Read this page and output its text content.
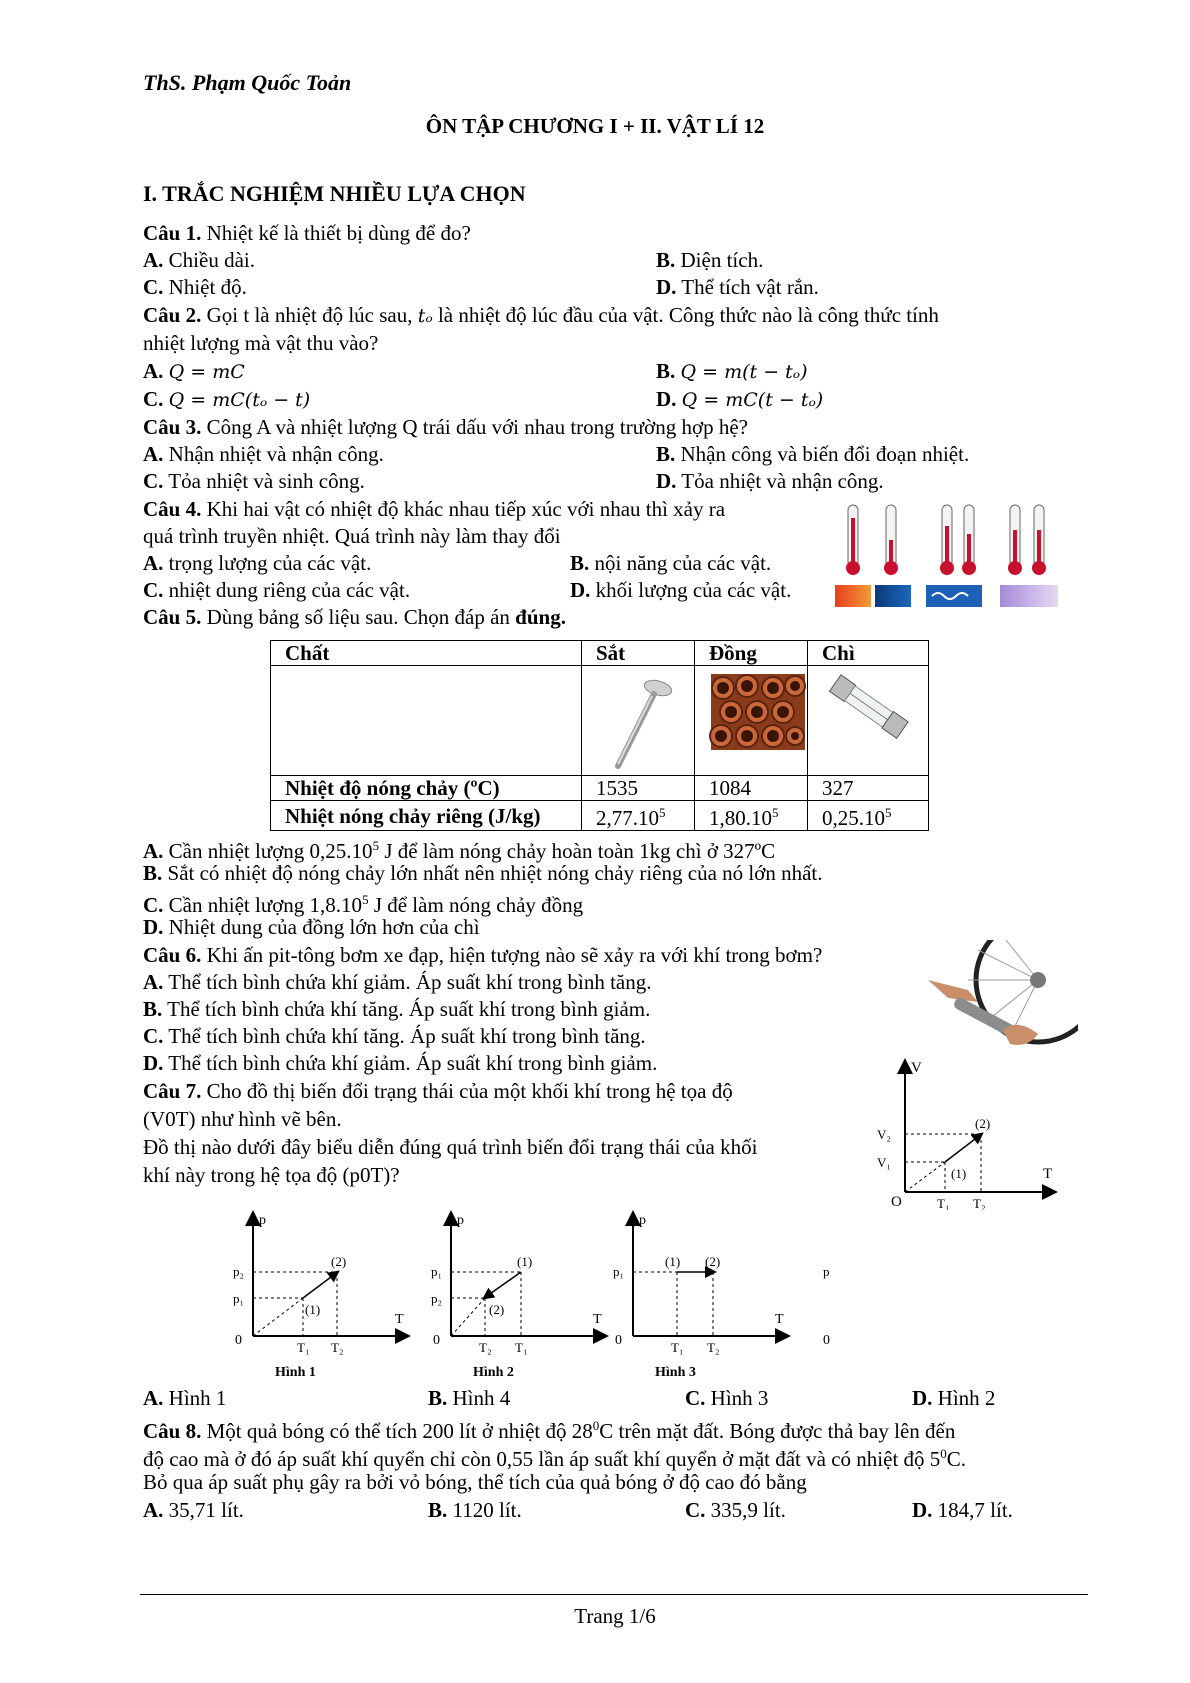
ThS. Phạm Quốc Toản
ÔN TẬP CHƯƠNG I + II. VẬT LÍ 12
I. TRẮC NGHIỆM NHIỀU LỰA CHỌN
Câu 1. Nhiệt kế là thiết bị dùng để đo?
A. Chiều dài.	B. Diện tích.
C. Nhiệt độ.	D. Thể tích vật rắn.
Câu 2. Gọi t là nhiệt độ lúc sau, tₒ là nhiệt độ lúc đầu của vật. Công thức nào là công thức tính
nhiệt lượng mà vật thu vào?
A. Q = mC	B. Q = m(t − tₒ)
C. Q = mC(tₒ − t)	D. Q = mC(t − tₒ)
Câu 3. Công A và nhiệt lượng Q trái dấu với nhau trong trường hợp hệ?
A. Nhận nhiệt và nhận công.	B. Nhận công và biến đổi đoạn nhiệt.
C. Tỏa nhiệt và sinh công.	D. Tỏa nhiệt và nhận công.
Câu 4. Khi hai vật có nhiệt độ khác nhau tiếp xúc với nhau thì xảy ra
quá trình truyền nhiệt. Quá trình này làm thay đổi
A. trọng lượng của các vật.	B. nội năng của các vật.
C. nhiệt dung riêng của các vật.	D. khối lượng của các vật.
Câu 5. Dùng bảng số liệu sau. Chọn đáp án đúng.
Chất	Sắt	Đồng	Chì

Nhiệt độ nóng chảy (ºC)	1535	1084	327
Nhiệt nóng chảy riêng (J/kg)	2,77.10$^5$	1,80.10$^5$	0,25.10$^5$
A. Cần nhiệt lượng 0,25.10$^5$ J để làm nóng chảy hoàn toàn 1kg chì ở 327ºC
B. Sắt có nhiệt độ nóng chảy lớn nhất nên nhiệt nóng chảy riêng của nó lớn nhất.
C. Cần nhiệt lượng 1,8.10$^5$ J để làm nóng chảy đồng
D. Nhiệt dung của đồng lớn hơn của chì
Câu 6. Khi ấn pit-tông bơm xe đạp, hiện tượng nào sẽ xảy ra với khí trong bơm?
A. Thể tích bình chứa khí giảm. Áp suất khí trong bình tăng.
B. Thể tích bình chứa khí tăng. Áp suất khí trong bình giảm.
C. Thể tích bình chứa khí tăng. Áp suất khí trong bình tăng.
D. Thể tích bình chứa khí giảm. Áp suất khí trong bình giảm.
Câu 7. Cho đồ thị biến đổi trạng thái của một khối khí trong hệ tọa độ
(V0T) như hình vẽ bên.
Đồ thị nào dưới đây biểu diễn đúng quá trình biến đổi trạng thái của khối
khí này trong hệ tọa độ (p0T)?
V
T
O
V₂
V₁
(2)
(1)
T₁ T₂
p
T
0
p₂
p₁
(2)
(1)
T₁ T₂
Hình 1
p
T
0
p₁
p₂
(1)
(2)
T₂ T₁
Hình 2
p
T
0
p₁
(1) (2)
T₁ T₂
Hình 3
p
0
A. Hình 1	B. Hình 4	C. Hình 3	D. Hình 2
Câu 8. Một quả bóng có thể tích 200 lít ở nhiệt độ $28^0C$ trên mặt đất. Bóng được thả bay lên đến
độ cao mà ở đó áp suất khí quyển chỉ còn 0,55 lần áp suất khí quyển ở mặt đất và có nhiệt độ $5^0C$.
Bỏ qua áp suất phụ gây ra bởi vỏ bóng, thể tích của quả bóng ở độ cao đó bằng
A. 35,71 lít.	B. 1120 lít.	C. 335,9 lít.	D. 184,7 lít.
Trang 1/6
